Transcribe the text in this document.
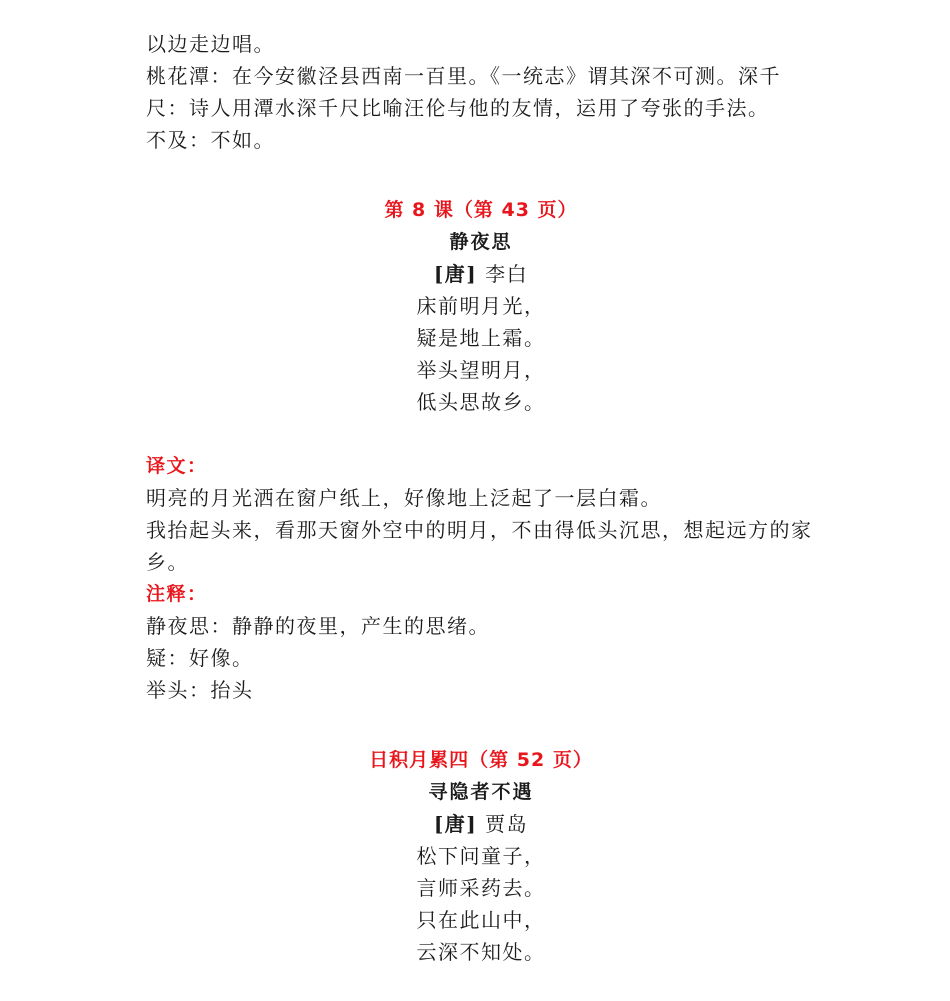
以边走边唱。
桃花潭：在今安徽泾县西南一百里。《一统志》谓其深不可测。深千尺：诗人用潭水深千尺比喻汪伦与他的友情，运用了夸张的手法。
不及：不如。
第 8 课（第 43 页）
静夜思
[唐] 李白
床前明月光，
疑是地上霜。
举头望明月，
低头思故乡。
译文：
明亮的月光洒在窗户纸上，好像地上泛起了一层白霜。
我抬起头来，看那天窗外空中的明月，不由得低头沉思，想起远方的家乡。
注释：
静夜思：静静的夜里，产生的思绪。
疑：好像。
举头：抬头
日积月累四（第 52 页）
寻隐者不遇
[唐] 贾岛
松下问童子，
言师采药去。
只在此山中，
云深不知处。
